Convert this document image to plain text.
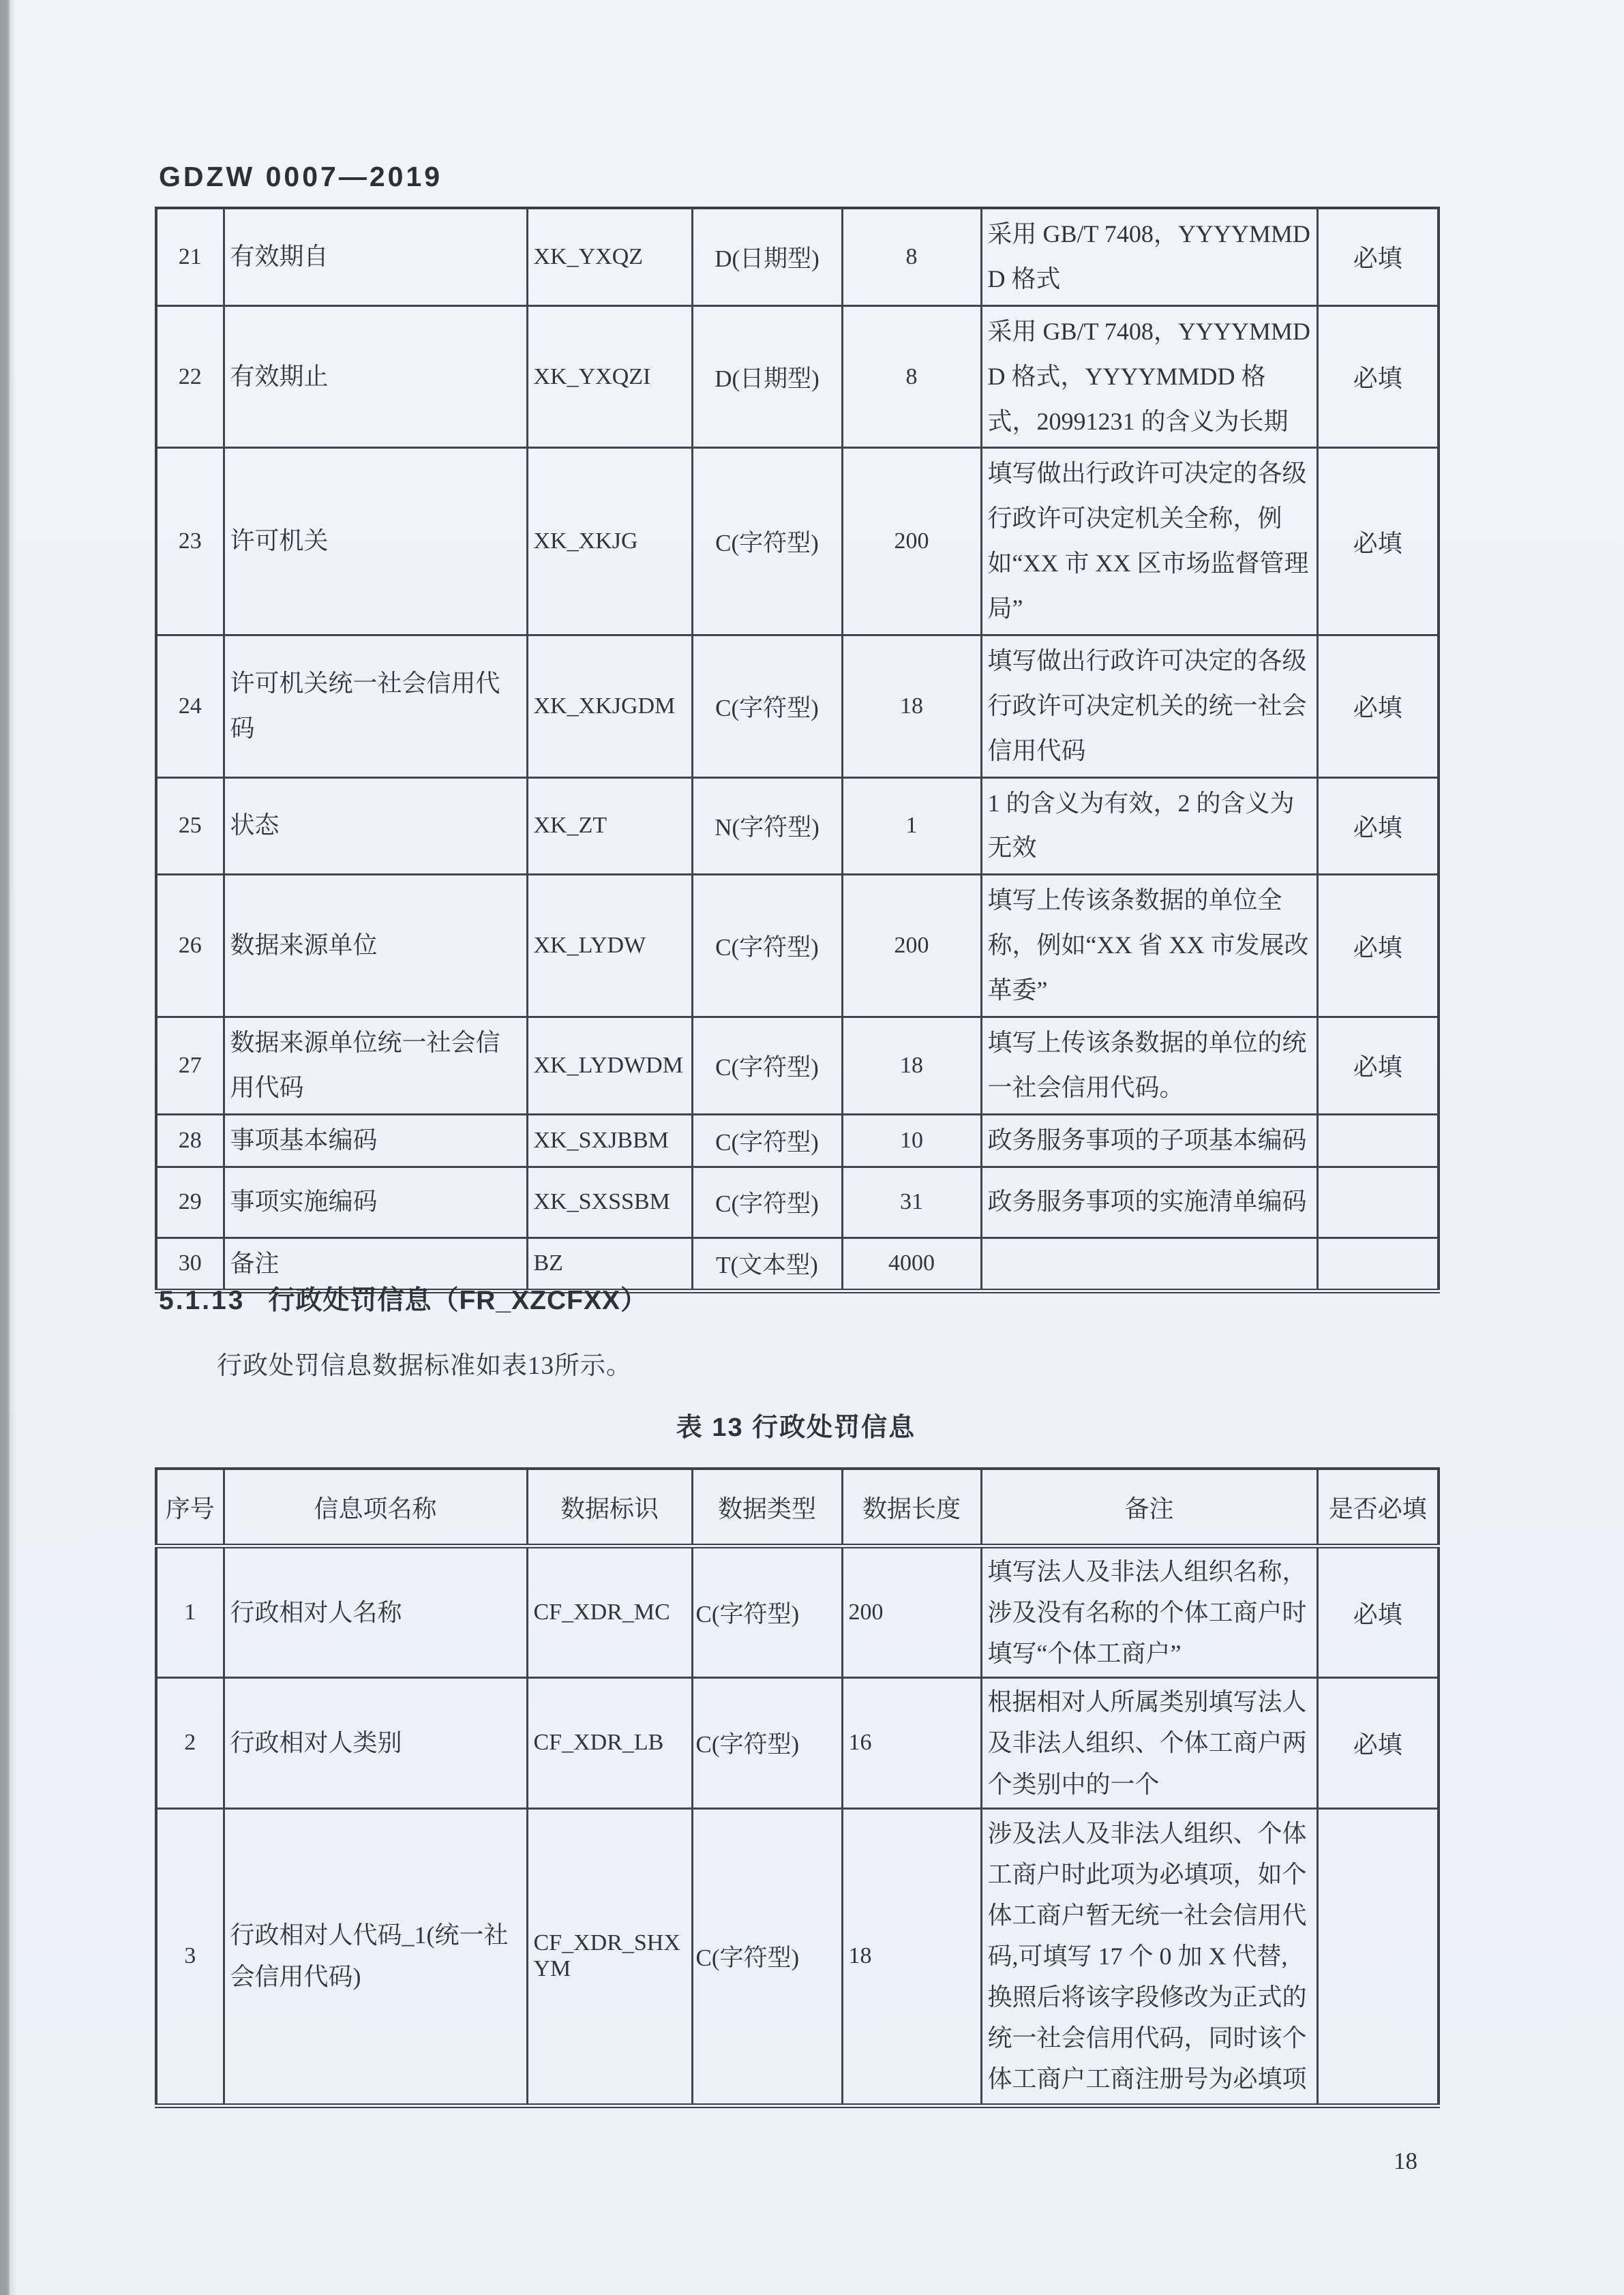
GDZW 0007—2019
21	有效期自	XK_YXQZ	D(日期型)	8	采用 GB/T 7408，YYYYMMDD 格式	必填
22	有效期止	XK_YXQZI	D(日期型)	8	采用 GB/T 7408，YYYYMMDD 格式，YYYYMMDD 格式，20991231 的含义为长期	必填
23	许可机关	XK_XKJG	C(字符型)	200	填写做出行政许可决定的各级行政许可决定机关全称，例如“XX 市 XX 区市场监督管理局”	必填
24	许可机关统一社会信用代码	XK_XKJGDM	C(字符型)	18	填写做出行政许可决定的各级行政许可决定机关的统一社会信用代码	必填
25	状态	XK_ZT	N(字符型)	1	1 的含义为有效，2 的含义为无效	必填
26	数据来源单位	XK_LYDW	C(字符型)	200	填写上传该条数据的单位全称，例如“XX 省 XX 市发展改革委”	必填
27	数据来源单位统一社会信用代码	XK_LYDWDM	C(字符型)	18	填写上传该条数据的单位的统一社会信用代码。	必填
28	事项基本编码	XK_SXJBBM	C(字符型)	10	政务服务事项的子项基本编码	
29	事项实施编码	XK_SXSSBM	C(字符型)	31	政务服务事项的实施清单编码	
30	备注	BZ	T(文本型)	4000		
5.1.13 行政处罚信息（FR_XZCFXX）
行政处罚信息数据标准如表13所示。
表 13 行政处罚信息
序号	信息项名称	数据标识	数据类型	数据长度	备注	是否必填
1	行政相对人名称	CF_XDR_MC	C(字符型)	200	填写法人及非法人组织名称，涉及没有名称的个体工商户时填写“个体工商户”	必填
2	行政相对人类别	CF_XDR_LB	C(字符型)	16	根据相对人所属类别填写法人及非法人组织、个体工商户两个类别中的一个	必填
3	行政相对人代码_1(统一社会信用代码)	CF_XDR_SHXYM	C(字符型)	18	涉及法人及非法人组织、个体工商户时此项为必填项，如个体工商户暂无统一社会信用代码,可填写 17 个 0 加 X 代替,换照后将该字段修改为正式的统一社会信用代码，同时该个体工商户工商注册号为必填项	
18
